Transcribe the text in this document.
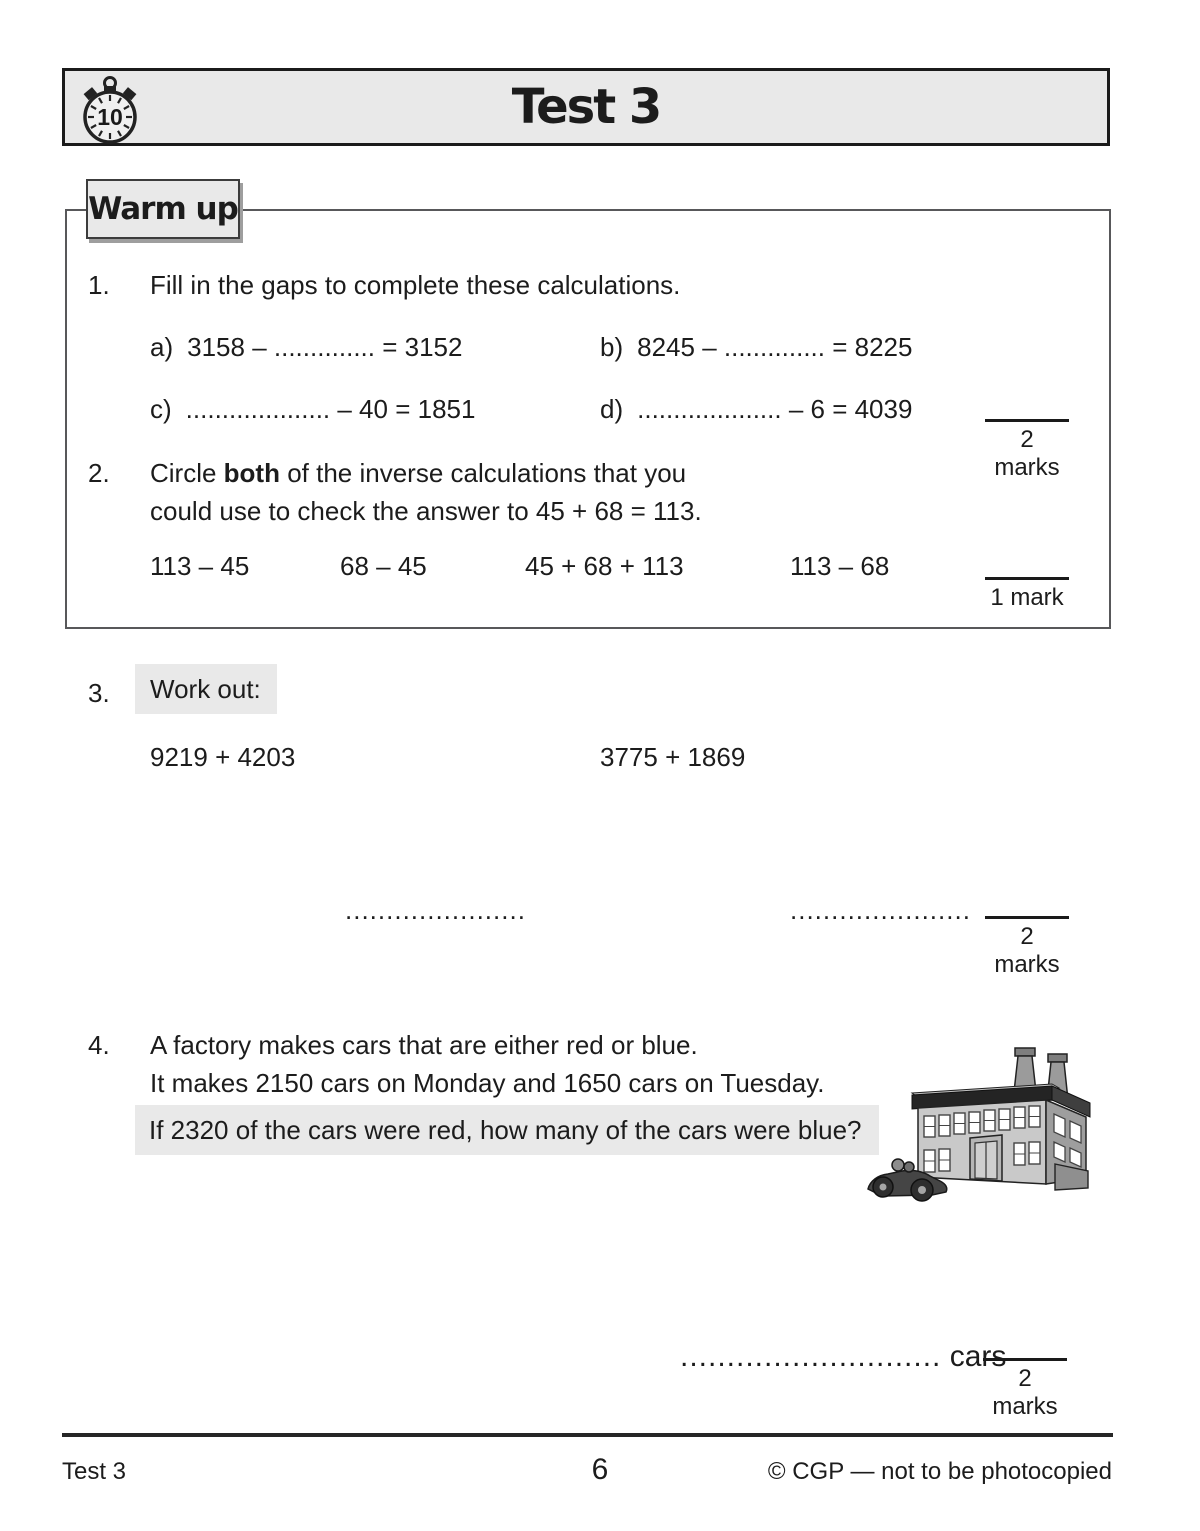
10	Test 3
Warm up
1. Fill in the gaps to complete these calculations.
a) 3158 – .............. = 3152	b) 8245 – .............. = 8225
c) .................... – 40 = 1851	d) .................... – 6 = 4039
2 marks
2. Circle both of the inverse calculations that you
could use to check the answer to 45 + 68 = 113.
113 – 45	68 – 45	45 + 68 + 113	113 – 68
1 mark
3.	Work out:
9219 + 4203	3775 + 1869
......................	......................
2 marks
4. A factory makes cars that are either red or blue.
It makes 2150 cars on Monday and 1650 cars on Tuesday.
If 2320 of the cars were red, how many of the cars were blue?
............................ cars
2 marks
Test 3	6	© CGP — not to be photocopied
